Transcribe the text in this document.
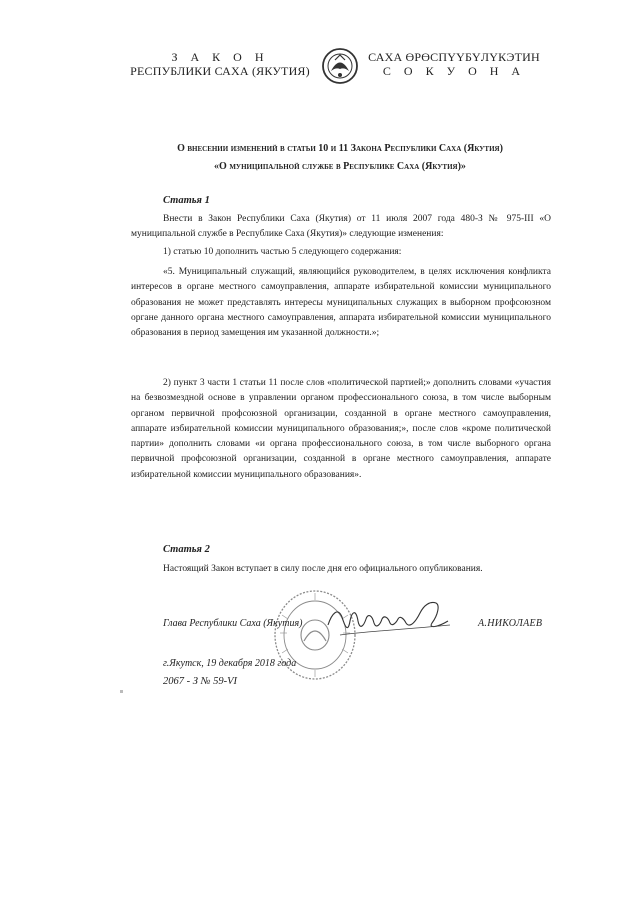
З А К О Н
РЕСПУБЛИКИ САХА (ЯКУТИЯ)
САХА ӨРӨСПYYБYЛYКЭТИН
С О К У О Н А
О внесении изменений в статьи 10 и 11 Закона Республики Саха (Якутия)
«О муниципальной службе в Республике Саха (Якутия)»
Статья 1
Внести в Закон Республики Саха (Якутия) от 11 июля 2007 года 480-З № 975-III «О муниципальной службе в Республике Саха (Якутия)» следующие изменения:
1) статью 10 дополнить частью 5 следующего содержания:
«5. Муниципальный служащий, являющийся руководителем, в целях исключения конфликта интересов в органе местного самоуправления, аппарате избирательной комиссии муниципального образования не может представлять интересы муниципальных служащих в выборном профсоюзном органе данного органа местного самоуправления, аппарата избирательной комиссии муниципального образования в период замещения им указанной должности.»;
2) пункт 3 части 1 статьи 11 после слов «политической партией;» дополнить словами «участия на безвозмездной основе в управлении органом профессионального союза, в том числе выборным органом первичной профсоюзной организации, созданной в органе местного самоуправления, аппарате избирательной комиссии муниципального образования;», после слов «кроме политической партии» дополнить словами «и органа профессионального союза, в том числе выборного органа первичной профсоюзной организации, созданной в органе местного самоуправления, аппарате избирательной комиссии муниципального образования».
Статья 2
Настоящий Закон вступает в силу после дня его официального опубликования.
Глава Республики Саха (Якутия)	А.НИКОЛАЕВ
г.Якутск, 19 декабря 2018 года
2067 - З № 59-VI
